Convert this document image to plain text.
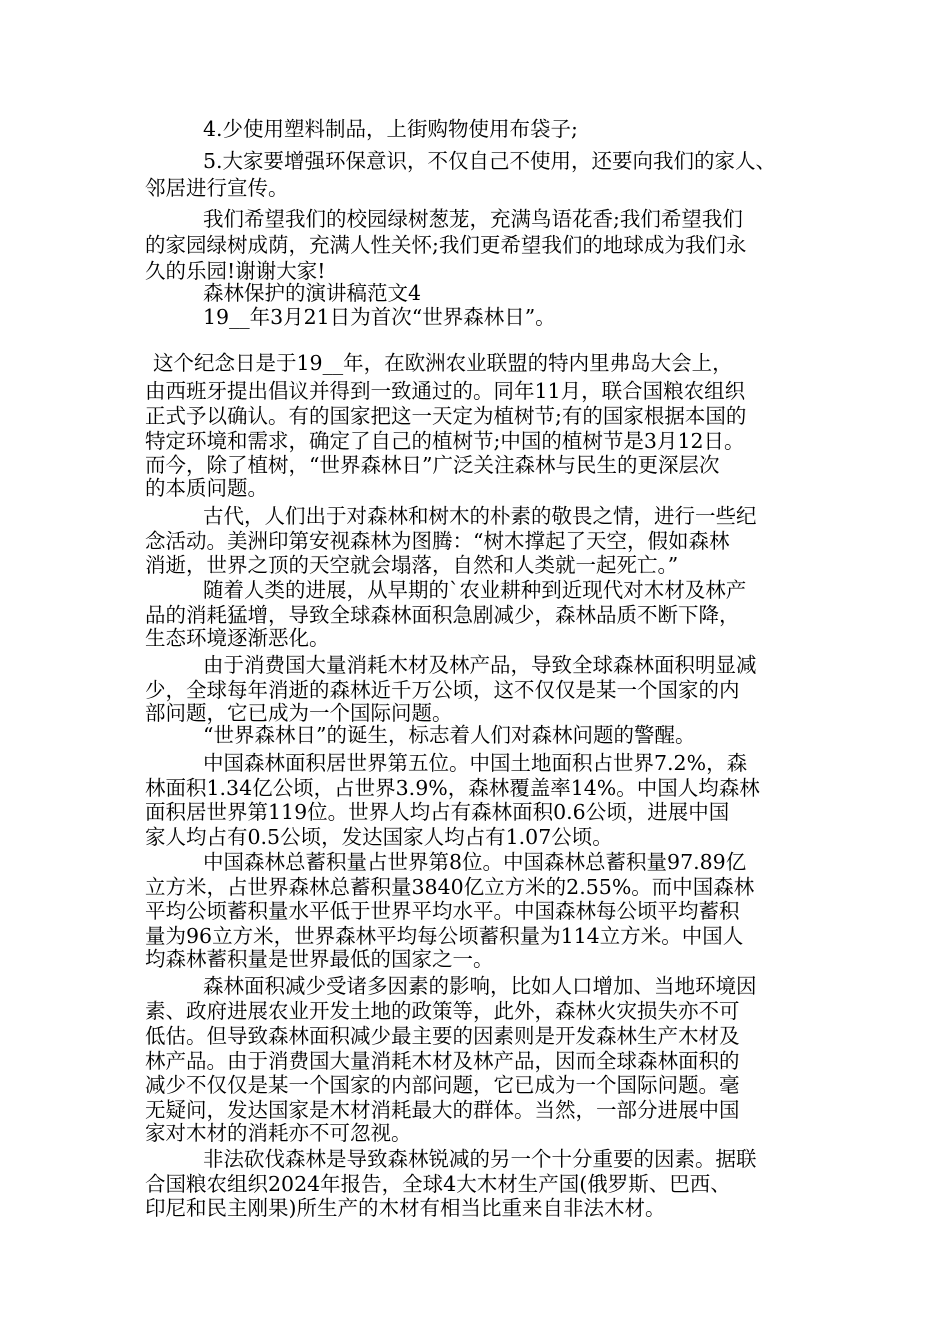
4.少使用塑料制品，上街购物使用布袋子;

5.大家要增强环保意识，不仅自己不使用，还要向我们的家人、

邻居进行宣传。

我们希望我们的校园绿树葱茏，充满鸟语花香;我们希望我们

的家园绿树成荫，充满人性关怀;我们更希望我们的地球成为我们永

久的乐园!谢谢大家!

森林保护的演讲稿范文4

19__年3月21日为首次“世界森林日”。

这个纪念日是于19__年，在欧洲农业联盟的特内里弗岛大会上，

由西班牙提出倡议并得到一致通过的。同年11月，联合国粮农组织

正式予以确认。有的国家把这一天定为植树节;有的国家根据本国的

特定环境和需求，确定了自己的植树节;中国的植树节是3月12日。

而今，除了植树，“世界森林日”广泛关注森林与民生的更深层次

的本质问题。

古代，人们出于对森林和树木的朴素的敬畏之情，进行一些纪

念活动。美洲印第安视森林为图腾：“树木撑起了天空，假如森林

消逝，世界之顶的天空就会塌落，自然和人类就一起死亡。”

随着人类的进展，从早期的`农业耕种到近现代对木材及林产

品的消耗猛增，导致全球森林面积急剧减少，森林品质不断下降，

生态环境逐渐恶化。

由于消费国大量消耗木材及林产品，导致全球森林面积明显减

少，全球每年消逝的森林近千万公顷，这不仅仅是某一个国家的内

部问题，它已成为一个国际问题。

“世界森林日”的诞生，标志着人们对森林问题的警醒。

中国森林面积居世界第五位。中国土地面积占世界7.2%，森

林面积1.34亿公顷，占世界3.9%，森林覆盖率14%。中国人均森林

面积居世界第119位。世界人均占有森林面积0.6公顷，进展中国

家人均占有0.5公顷，发达国家人均占有1.07公顷。

中国森林总蓄积量占世界第8位。中国森林总蓄积量97.89亿

立方米，占世界森林总蓄积量3840亿立方米的2.55%。而中国森林

平均公顷蓄积量水平低于世界平均水平。中国森林每公顷平均蓄积

量为96立方米，世界森林平均每公顷蓄积量为114立方米。中国人

均森林蓄积量是世界最低的国家之一。

森林面积减少受诸多因素的影响，比如人口增加、当地环境因

素、政府进展农业开发土地的政策等，此外，森林火灾损失亦不可

低估。但导致森林面积减少最主要的因素则是开发森林生产木材及

林产品。由于消费国大量消耗木材及林产品，因而全球森林面积的

减少不仅仅是某一个国家的内部问题，它已成为一个国际问题。毫

无疑问，发达国家是木材消耗最大的群体。当然，一部分进展中国

家对木材的消耗亦不可忽视。

非法砍伐森林是导致森林锐减的另一个十分重要的因素。据联

合国粮农组织2024年报告，全球4大木材生产国(俄罗斯、巴西、

印尼和民主刚果)所生产的木材有相当比重来自非法木材。
